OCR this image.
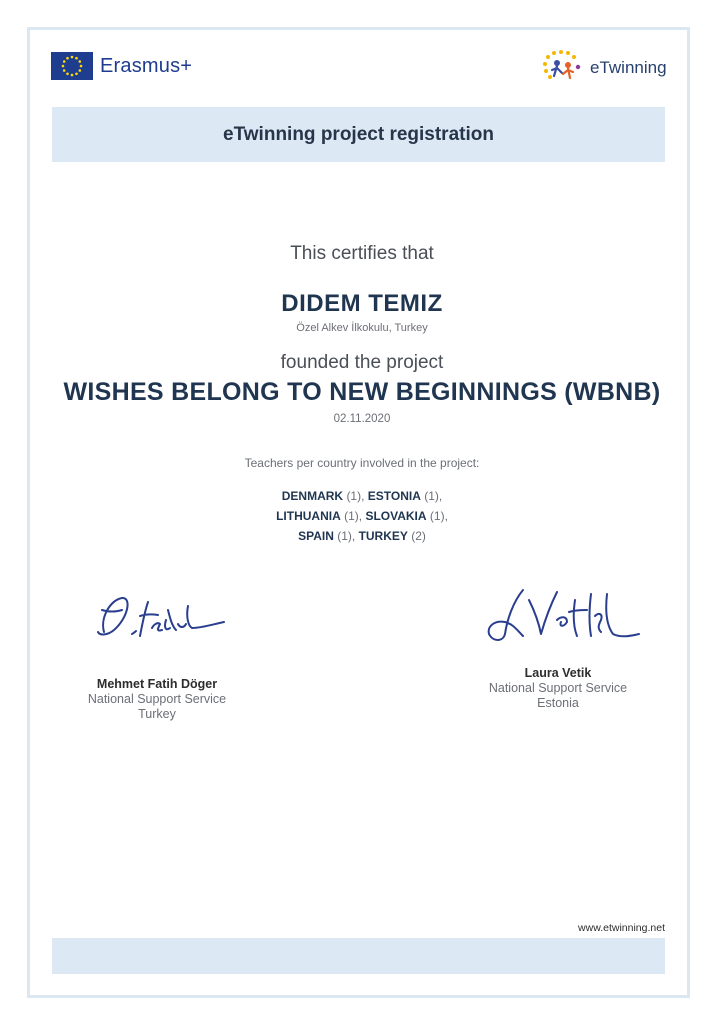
Erasmus+	eTwinning
eTwinning project registration
This certifies that
DIDEM TEMIZ
Özel Alkev İlkokulu, Turkey
founded the project
WISHES BELONG TO NEW BEGINNINGS (WBNB)
02.11.2020
Teachers per country involved in the project:
DENMARK (1), ESTONIA (1),
LITHUANIA (1), SLOVAKIA (1),
SPAIN (1), TURKEY (2)
Mehmet Fatih Döger
National Support Service
Turkey
Laura Vetik
National Support Service
Estonia
www.etwinning.net
